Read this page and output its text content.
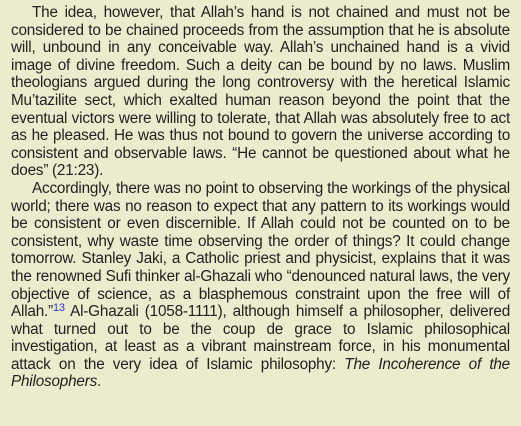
The idea, however, that Allah’s hand is not chained and must not be considered to be chained proceeds from the assumption that he is absolute will, unbound in any conceivable way. Allah’s unchained hand is a vivid image of divine freedom. Such a deity can be bound by no laws. Muslim theologians argued during the long controversy with the heretical Islamic Mu’tazilite sect, which exalted human reason beyond the point that the eventual victors were willing to tolerate, that Allah was absolutely free to act as he pleased. He was thus not bound to govern the universe according to consistent and observable laws. “He cannot be questioned about what he does” (21:23).

Accordingly, there was no point to observing the workings of the physical world; there was no reason to expect that any pattern to its workings would be consistent or even discernible. If Allah could not be counted on to be consistent, why waste time observing the order of things? It could change tomorrow. Stanley Jaki, a Catholic priest and physicist, explains that it was the renowned Sufi thinker al-Ghazali who “denounced natural laws, the very objective of science, as a blasphemous constraint upon the free will of Allah.”$^{13}$ Al-Ghazali (1058-1111), although himself a philosopher, delivered what turned out to be the coup de grace to Islamic philosophical investigation, at least as a vibrant mainstream force, in his monumental attack on the very idea of Islamic philosophy: The Incoherence of the Philosophers.
